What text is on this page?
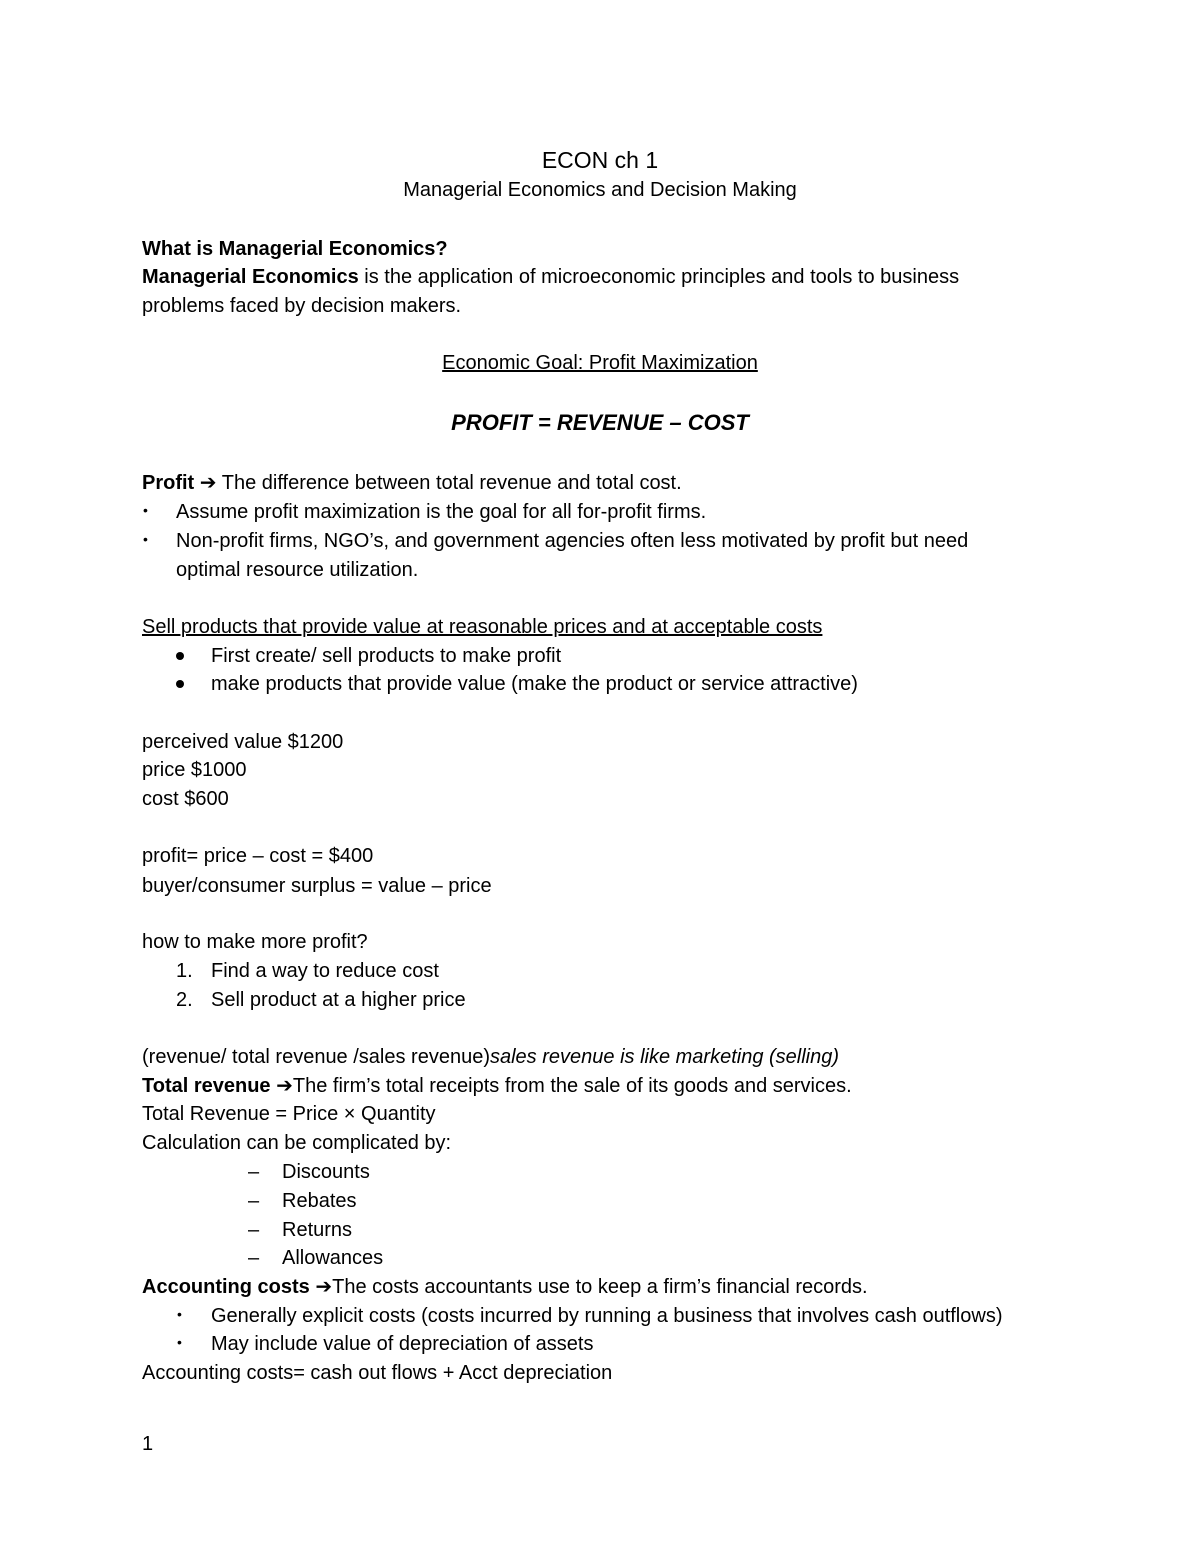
ECON ch 1
Managerial Economics and Decision Making
What is Managerial Economics?
Managerial Economics is the application of microeconomic principles and tools to business
problems faced by decision makers.
Economic Goal: Profit Maximization
PROFIT = REVENUE – COST
Profit ➔ The difference between total revenue and total cost.
• Assume profit maximization is the goal for all for-profit firms.
• Non-profit firms, NGO’s, and government agencies often less motivated by profit but need
optimal resource utilization.
Sell products that provide value at reasonable prices and at acceptable costs
First create/ sell products to make profit
make products that provide value (make the product or service attractive)
perceived value $1200
price $1000
cost $600
profit= price – cost = $400
buyer/consumer surplus = value – price
how to make more profit?
1. Find a way to reduce cost
2. Sell product at a higher price
(revenue/ total revenue /sales revenue)sales revenue is like marketing (selling)
Total revenue ➔The firm’s total receipts from the sale of its goods and services.
Total Revenue = Price × Quantity
Calculation can be complicated by:
– Discounts
– Rebates
– Returns
– Allowances
Accounting costs ➔The costs accountants use to keep a firm’s financial records.
• Generally explicit costs (costs incurred by running a business that involves cash outflows)
• May include value of depreciation of assets
Accounting costs= cash out flows + Acct depreciation
1
